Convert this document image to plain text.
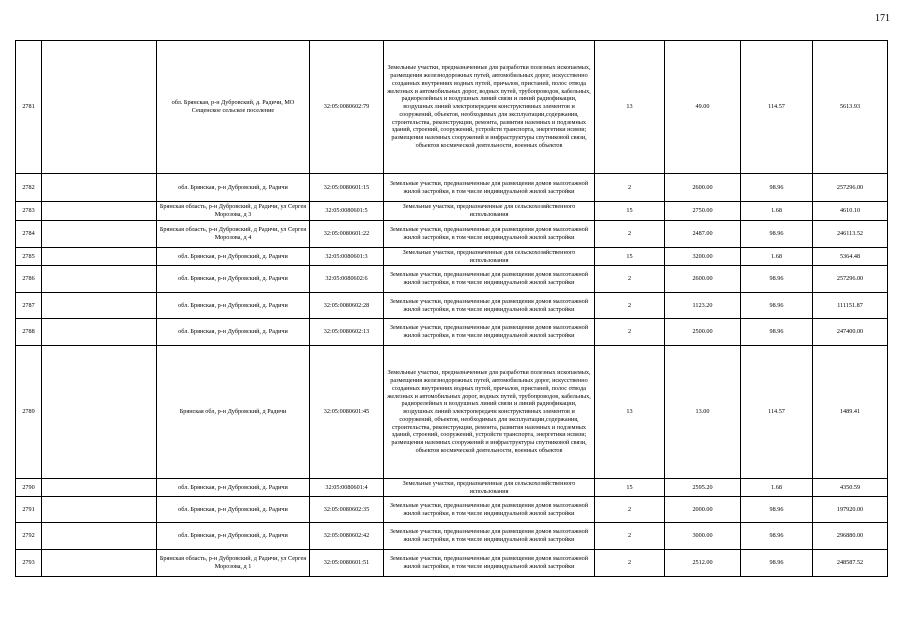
171
2781		обл. Брянская, р-н Дубровский, д. Радичи, МО Сещенское сельское поселение	32:05:0080602:79	Земельные участки, предназначенные для разработки полезных ископаемых, размещения железнодорожных путей, автомобильных дорог, искусственно созданных внутренних водных путей, причалов, пристаней, полос отвода железных и автомобильных дорог, водных путей, трубопроводов, кабельных, радиорелейных и воздушных линий связи и линий радиофикации, воздушных линий электропередачи конструктивных элементов и сооружений, объектов, необходимых для эксплуатации,содержания, строительства, реконструкции, ремонта, развития наземных и подземных зданий, строений, сооружений, устройств транспорта, энергетики нсвязи; размещения наземных сооружений и инфраструктуры спутниковой связи, объектов космической деятельности, военных объектов	13	49.00	114.57	5613.93
2782		обл. Брянская, р-н Дубровский, д. Радичи	32:05:0080601:15	Земельные участки, предназначенные для размещения домов малоэтажной жилой застройки, в том числе индивидуальной жилой застройки	2	2600.00	98.96	257296.00
2783		Брянская область, р-н Дубровский, д Радичи, ул Сергея Морозова, д 3	32:05:0080601:5	Земельные участки, предназначенные для сельскохозяйственного использования	15	2750.00	1.68	4610.10
2784		Брянская область, р-н Дубровский, д Радичи, ул Сергея Морозова, д 4	32:05:0080601:22	Земельные участки, предназначенные для размещения домов малоэтажной жилой застройки, в том числе индивидуальной жилой застройки	2	2487.00	98.96	246113.52
2785		обл. Брянская, р-н Дубровский, д. Радичи	32:05:0080601:3	Земельные участки, предназначенные для сельскохозяйственного использования	15	3200.00	1.68	5364.48
2786		обл. Брянская, р-н Дубровский, д. Радичи	32:05:0080602:6	Земельные участки, предназначенные для размещения домов малоэтажной жилой застройки, в том числе индивидуальной жилой застройки	2	2600.00	98.96	257296.00
2787		обл. Брянская, р-н Дубровский, д. Радичи	32:05:0080602:28	Земельные участки, предназначенные для размещения домов малоэтажной жилой застройки, в том числе индивидуальной жилой застройки	2	1123.20	98.96	111151.87
2788		обл. Брянская, р-н Дубровский, д. Радичи	32:05:0080602:13	Земельные участки, предназначенные для размещения домов малоэтажной жилой застройки, в том числе индивидуальной жилой застройки	2	2500.00	98.96	247400.00
2789		Брянская обл, р-н Дубровский, д Радичи	32:05:0080601:45	Земельные участки, предназначенные для разработки полезных ископаемых, размещения железнодорожных путей, автомобильных дорог, искусственно созданных внутренних водных путей, причалов, пристаней, полос отвода железных и автомобильных дорог, водных путей, трубопроводов, кабельных, радиорелейных и воздушных линий связи и линий радиофикации, воздушных линий электропередачи конструктивных элементов и сооружений, объектов, необходимых для эксплуатации,содержания, строительства, реконструкции, ремонта, развития наземных и подземных зданий, строений, сооружений, устройств транспорта, энергетики нсвязи; размещения наземных сооружений и инфраструктуры спутниковой связи, объектов космической деятельности, военных объектов	13	13.00	114.57	1489.41
2790		обл. Брянская, р-н Дубровский, д. Радичи	32:05:0080601:4	Земельные участки, предназначенные для сельскохозяйственного использования	15	2595.20	1.68	4350.59
2791		обл. Брянская, р-н Дубровский, д. Радичи	32:05:0080602:35	Земельные участки, предназначенные для размещения домов малоэтажной жилой застройки, в том числе индивидуальной жилой застройки	2	2000.00	98.96	197920.00
2792		обл. Брянская, р-н Дубровский, д. Радичи	32:05:0080602:42	Земельные участки, предназначенные для размещения домов малоэтажной жилой застройки, в том числе индивидуальной жилой застройки	2	3000.00	98.96	296880.00
2793		Брянская область, р-н Дубровский, д Радичи, ул Сергея Морозова, д 1	32:05:0080601:51	Земельные участки, предназначенные для размещения домов малоэтажной жилой застройки, в том числе индивидуальной жилой застройки	2	2512.00	98.96	248587.52
